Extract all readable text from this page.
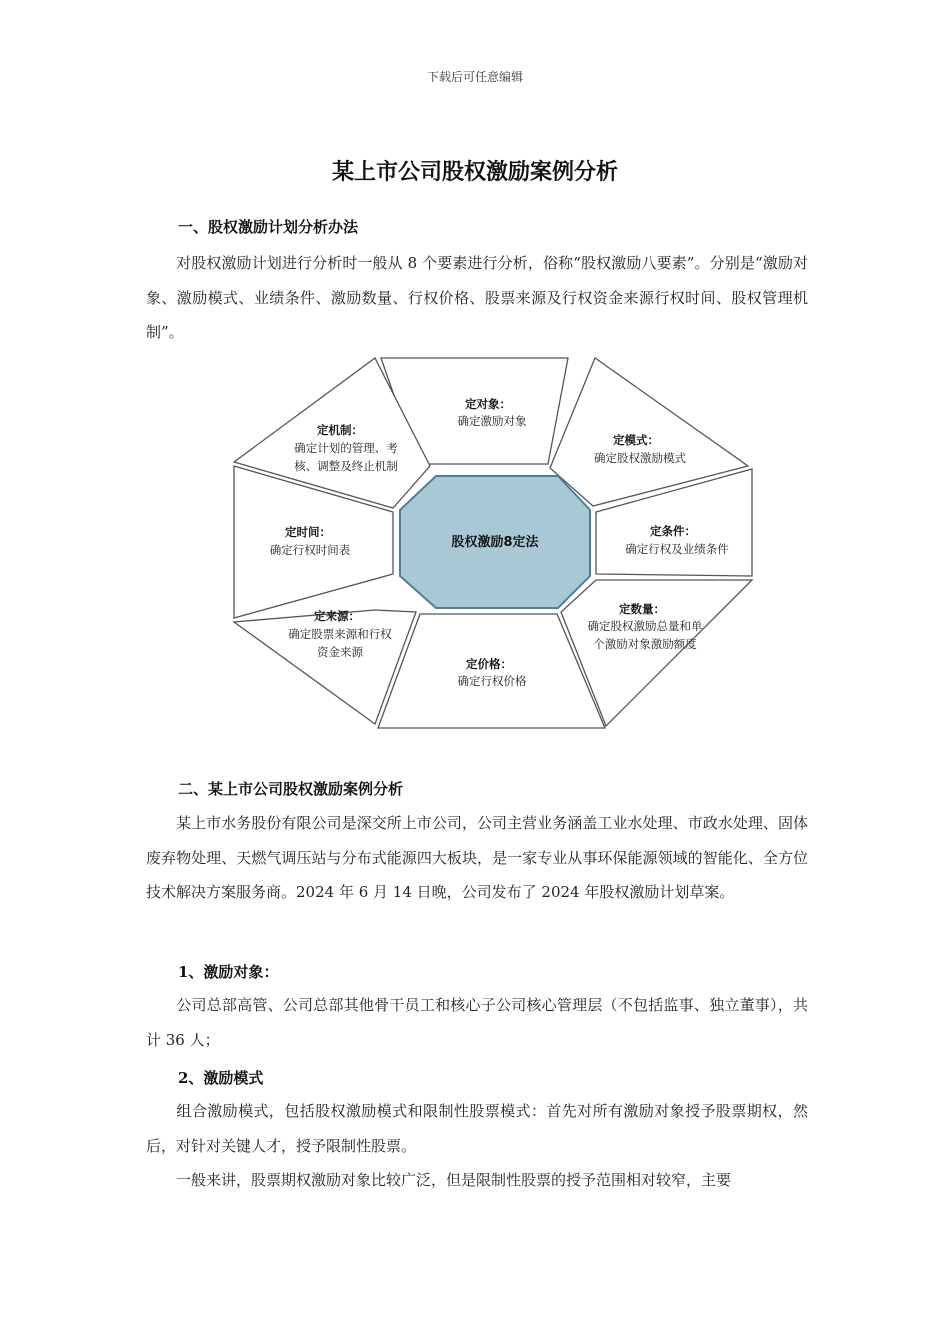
下载后可任意编辑
某上市公司股权激励案例分析
一、股权激励计划分析办法
对股权激励计划进行分析时一般从 8 个要素进行分析，俗称“股权激励八要素”。分别是“激励对象、激励模式、业绩条件、激励数量、行权价格、股票来源及行权资金来源行权时间、股权管理机制”。
股权激励8定法
定对象：
确定激励对象
定模式：
确定股权激励模式
定条件：
确定行权及业绩条件
定数量：
确定股权激励总量和单
个激励对象激励额度
定价格：
确定行权价格
定来源：
确定股票来源和行权
资金来源
定时间：
确定行权时间表
定机制：
确定计划的管理、考
核、调整及终止机制
二、某上市公司股权激励案例分析
某上市水务股份有限公司是深交所上市公司，公司主营业务涵盖工业水处理、市政水处理、固体废弃物处理、天燃气调压站与分布式能源四大板块，是一家专业从事环保能源领域的智能化、全方位技术解决方案服务商。2024 年 6 月 14 日晚，公司发布了 2024 年股权激励计划草案。
1、激励对象：
公司总部高管、公司总部其他骨干员工和核心子公司核心管理层（不包括监事、独立董事），共计 36 人；
2、激励模式
组合激励模式，包括股权激励模式和限制性股票模式：首先对所有激励对象授予股票期权，然后，对针对关键人才，授予限制性股票。
一般来讲，股票期权激励对象比较广泛，但是限制性股票的授予范围相对较窄，主要
